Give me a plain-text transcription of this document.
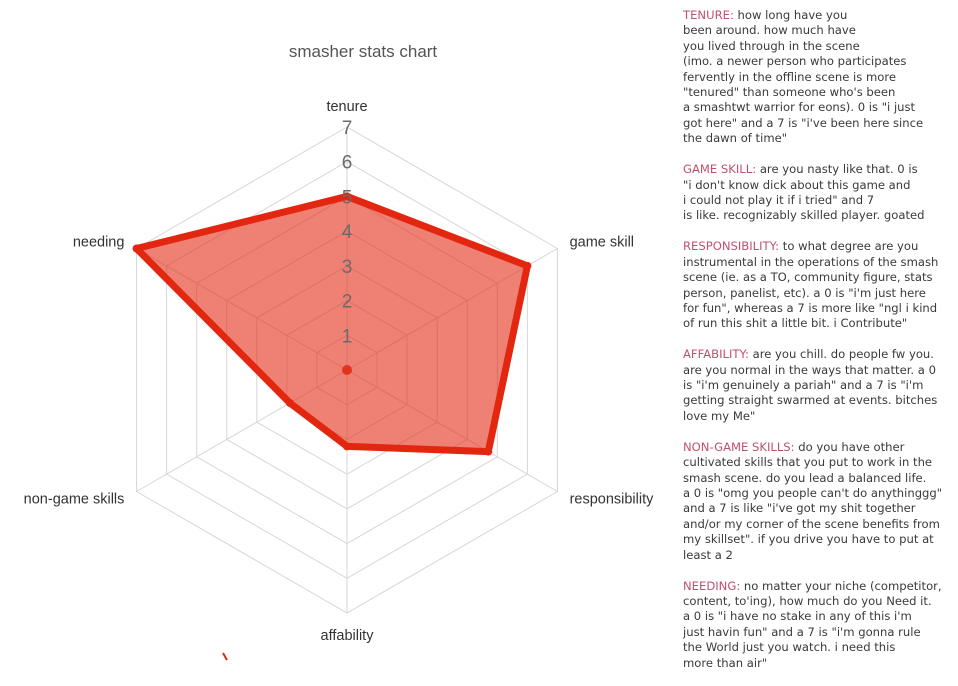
smasher stats chart
1
2
3
4
5
6
7
tenure
game skill
responsibility
affability
non-game skills
needing
TENURE: how long have you
been around. how much have
you lived through in the scene
(imo. a newer person who participates
fervently in the offline scene is more
"tenured" than someone who's been
a smashtwt warrior for eons). 0 is "i just
got here" and a 7 is "i've been here since
the dawn of time"
GAME SKILL: are you nasty like that. 0 is
"i don't know dick about this game and
i could not play it if i tried" and 7
is like. recognizably skilled player. goated
RESPONSIBILITY: to what degree are you
instrumental in the operations of the smash
scene (ie. as a TO, community figure, stats
person, panelist, etc). a 0 is "i'm just here
for fun", whereas a 7 is more like "ngl i kind
of run this shit a little bit. i Contribute"
AFFABILITY: are you chill. do people fw you.
are you normal in the ways that matter. a 0
is "i'm genuinely a pariah" and a 7 is "i'm
getting straight swarmed at events. bitches
love my Me"
NON-GAME SKILLS: do you have other
cultivated skills that you put to work in the
smash scene. do you lead a balanced life.
a 0 is "omg you people can't do anythinggg"
and a 7 is like "i've got my shit together
and/or my corner of the scene benefits from
my skillset". if you drive you have to put at
least a 2
NEEDING: no matter your niche (competitor,
content, to'ing), how much do you Need it.
a 0 is "i have no stake in any of this i'm
just havin fun" and a 7 is "i'm gonna rule
the World just you watch. i need this
more than air"
